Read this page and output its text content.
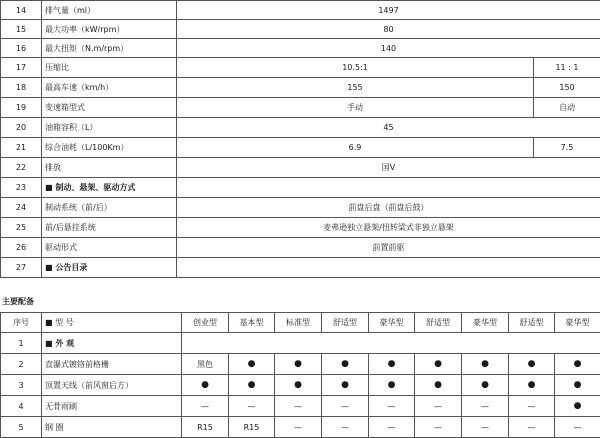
14	排气量（ml）	1497	
15	最大功率（kW/rpm）	80	
16	最大扭矩（N.m/rpm）	140	
17	压缩比	10.5:1	11 : 1
18	最高车速（km/h）	155	150
19	变速箱型式	手动	自动
20	油箱容积（L）	45	
21	综合油耗（L/100Km）	6.9	7.5
22	排放	国Ⅴ	
23	■ 制动、悬架、驱动方式		
24	制动系统（前/后）	前盘后盘（前盘后鼓）	
25	前/后悬挂系统	麦弗逊独立悬架/扭转梁式非独立悬架	
26	驱动形式	前置前驱	
27	■ 公告目录		
主要配备
序号	■ 型 号	创业型	基本型	标准型	舒适型	豪华型	舒适型	豪华型	舒适型	豪华型
1	■ 外 观									
2	直瀑式镀铬前格栅	黑色	●	●	●	●	●	●	●	●
3	顶置天线（前风窗后方）	●	●	●	●	●	●	●	●	●
4	无骨雨刷	—	—	—	—	—	—	—	—	●
5	钢 圈	R15	R15	—	—	—	—	—	—	—
